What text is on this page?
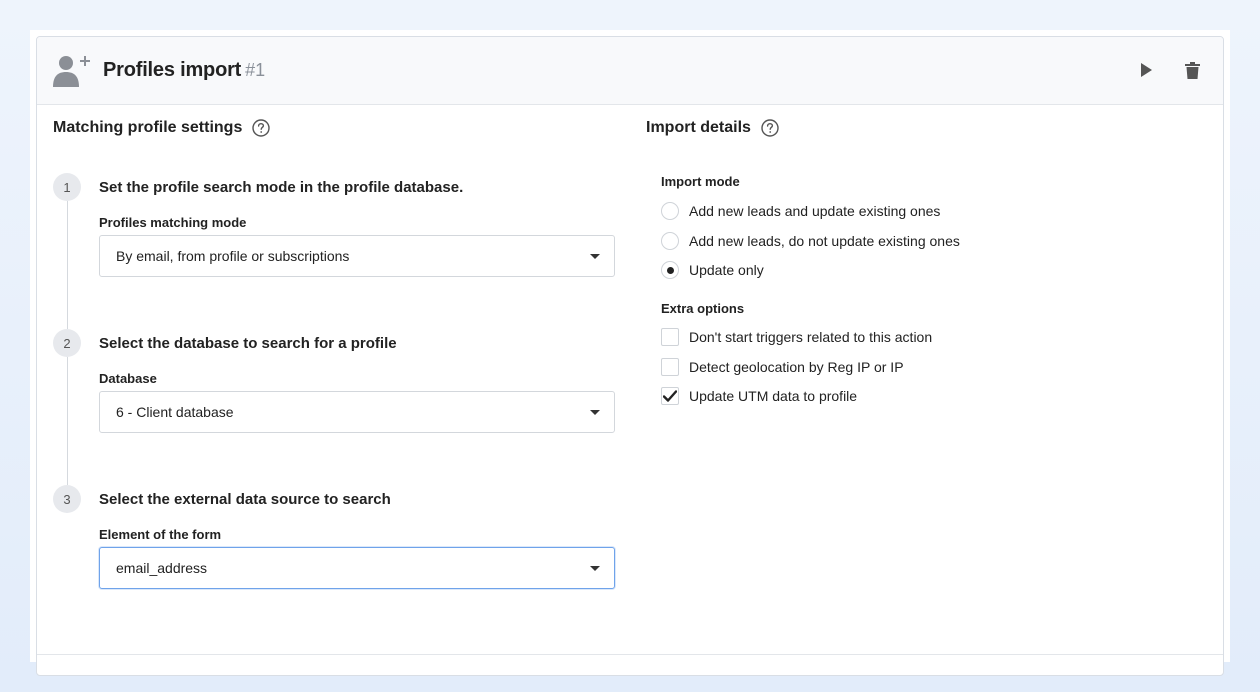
Profiles import #1
Matching profile settings
1	Set the profile search mode in the profile database.
Profiles matching mode
By email, from profile or subscriptions
2	Select the database to search for a profile
Database
6 - Client database
3	Select the external data source to search
Element of the form
email_address
Import details
Import mode
Add new leads and update existing ones
Add new leads, do not update existing ones
Update only
Extra options
Don't start triggers related to this action
Detect geolocation by Reg IP or IP
Update UTM data to profile
